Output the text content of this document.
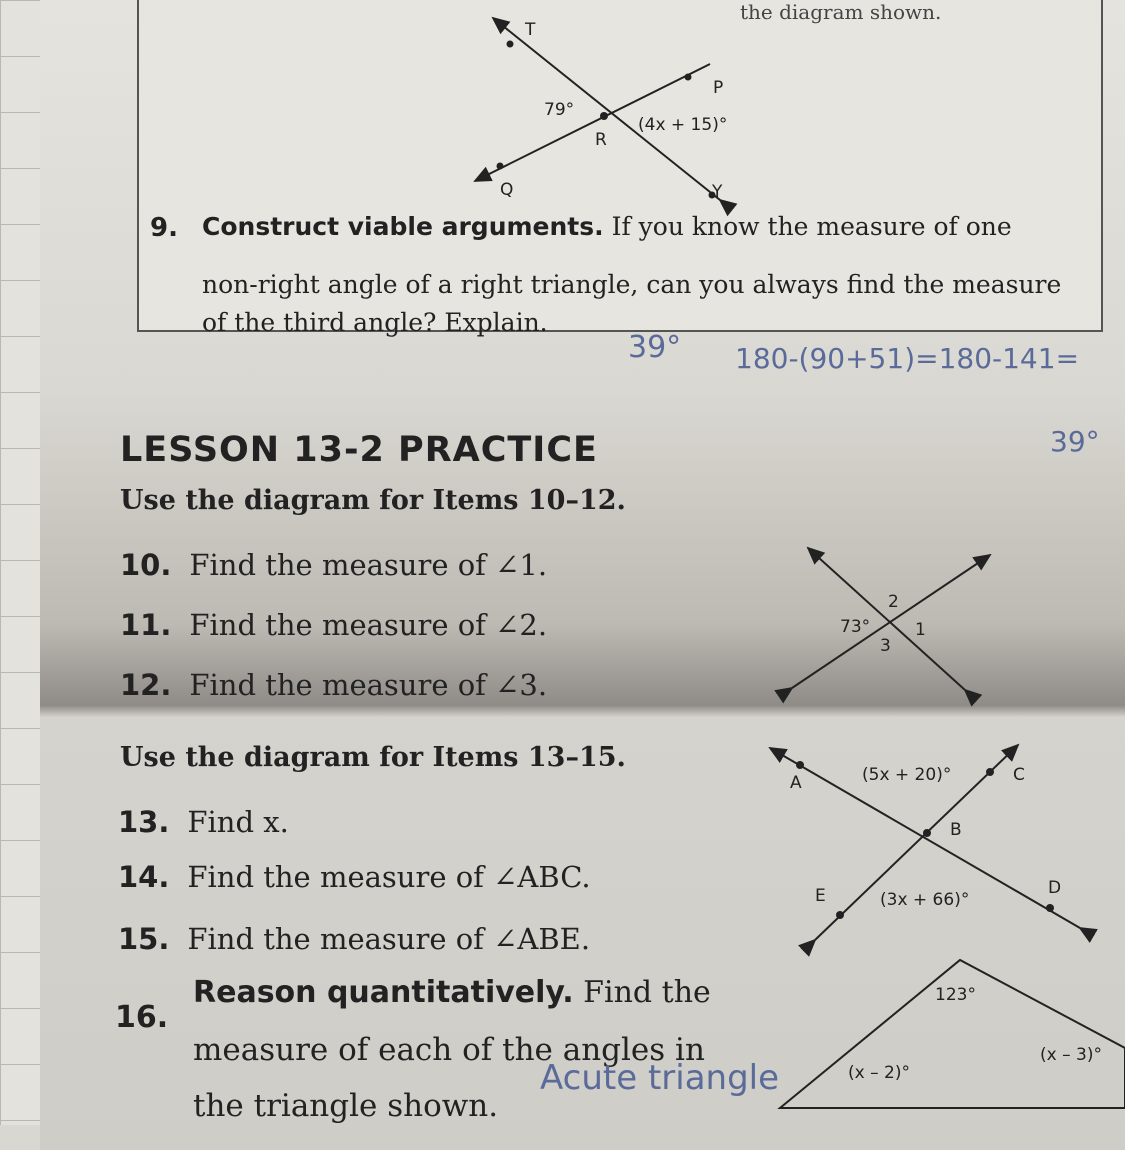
the diagram shown.
T
P
R
Q	Y
79°
(4x + 15)°
9. Construct viable arguments. If you know the measure of one
non-right angle of a right triangle, can you always find the measure
of the third angle? Explain.
39° 180-(90+51)=180-141=
39°
LESSON 13-2 PRACTICE
Use the diagram for Items 10–12.
10. Find the measure of ∠1.
11. Find the measure of ∠2.
12. Find the measure of ∠3.
73°	1
2
3
Use the diagram for Items 13–15.
13. Find x.
14. Find the measure of ∠ABC.
15. Find the measure of ∠ABE.
A
B
C
D
E
(5x + 20)°
(3x + 66)°
16.
Reason quantitatively. Find the
measure of each of the angles in
the triangle shown.
Acute triangle
123°
(x – 2)°
(x – 3)°
